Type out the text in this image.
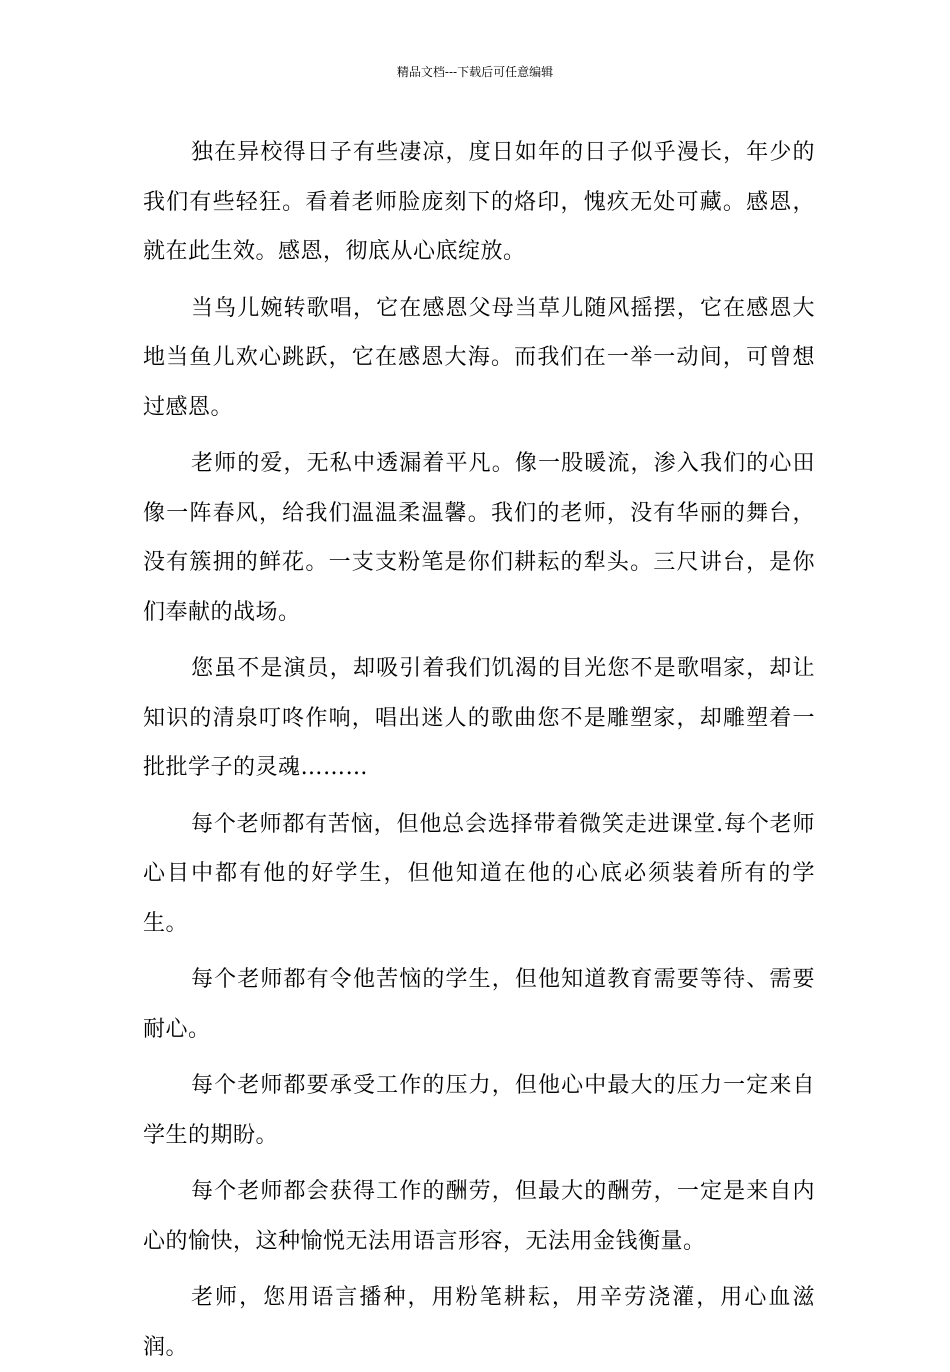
精品文档---下载后可任意编辑

独在异校得日子有些凄凉，度日如年的日子似乎漫长，年少的我们有些轻狂。看着老师脸庞刻下的烙印，愧疚无处可藏。感恩，就在此生效。感恩，彻底从心底绽放。

当鸟儿婉转歌唱，它在感恩父母当草儿随风摇摆，它在感恩大地当鱼儿欢心跳跃，它在感恩大海。而我们在一举一动间，可曾想过感恩。

老师的爱，无私中透漏着平凡。像一股暖流，渗入我们的心田像一阵春风，给我们温温柔温馨。我们的老师，没有华丽的舞台，没有簇拥的鲜花。一支支粉笔是你们耕耘的犁头。三尺讲台，是你们奉献的战场。

您虽不是演员，却吸引着我们饥渴的目光您不是歌唱家，却让知识的清泉叮咚作响，唱出迷人的歌曲您不是雕塑家，却雕塑着一批批学子的灵魂………

每个老师都有苦恼，但他总会选择带着微笑走进课堂.每个老师心目中都有他的好学生，但他知道在他的心底必须装着所有的学生。

每个老师都有令他苦恼的学生，但他知道教育需要等待、需要耐心。

每个老师都要承受工作的压力，但他心中最大的压力一定来自学生的期盼。

每个老师都会获得工作的酬劳，但最大的酬劳，一定是来自内心的愉快，这种愉悦无法用语言形容，无法用金钱衡量。

老师，您用语言播种，用粉笔耕耘，用辛劳浇灌，用心血滋润。
